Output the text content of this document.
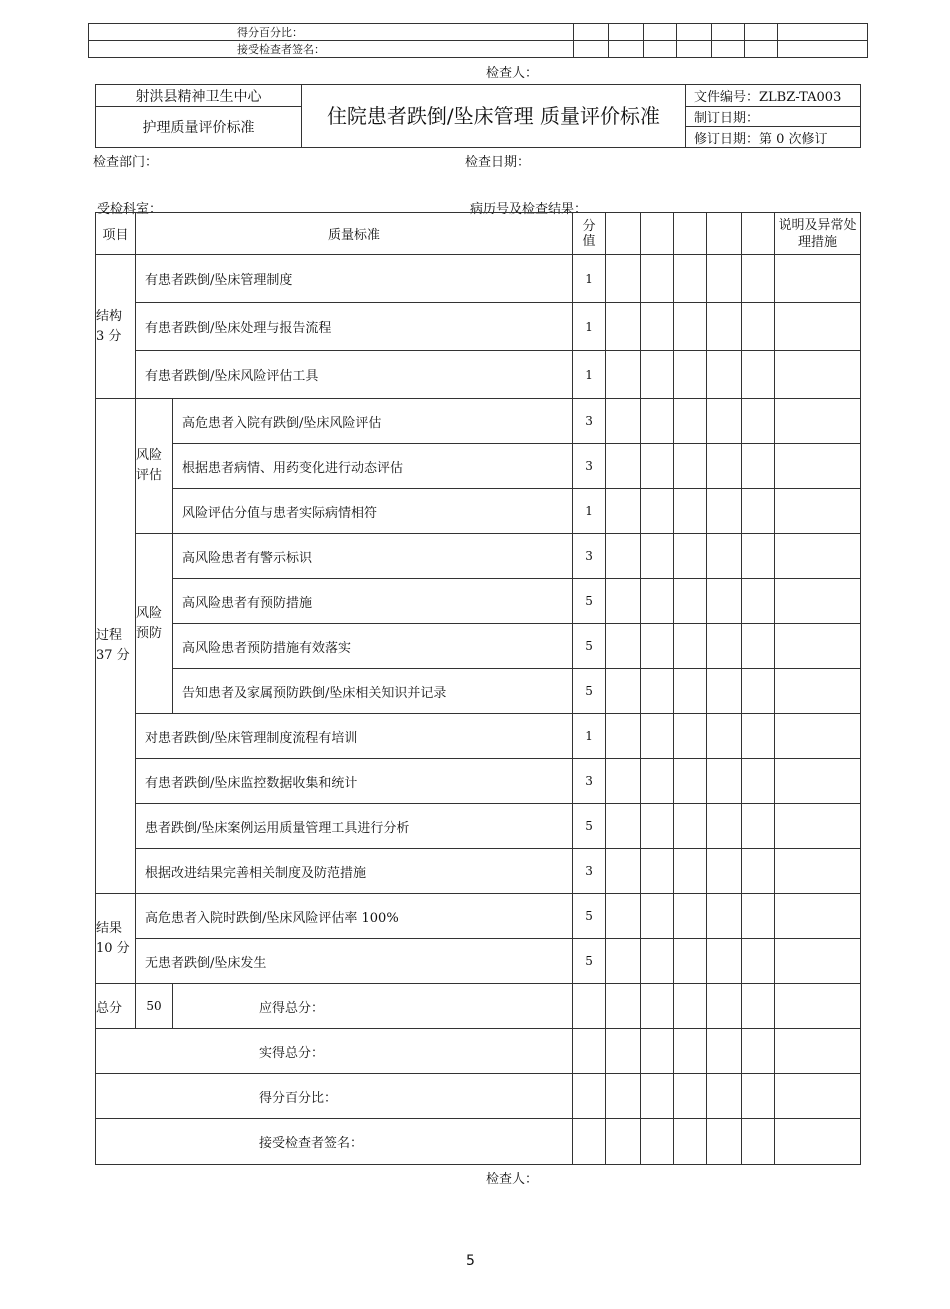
得分百分比：							
接受检查者签名：							
检查人：
射洪县精神卫生中心	住院患者跌倒/坠床管理 质量评价标准	文件编号：ZLBZ-TA003
护理质量评价标准		制订日期：
		修订日期：第 0 次修订
检查部门：	检查日期：
受检科室：	病历号及检查结果：
项目	质量标准		分值						说明及异常处理措施
结构3 分	有患者跌倒/坠床管理制度		1						
	有患者跌倒/坠床处理与报告流程		1						
	有患者跌倒/坠床风险评估工具		1						
过程37 分	风险评估	高危患者入院有跌倒/坠床风险评估	3						
		根据患者病情、用药变化进行动态评估	3						
		风险评估分值与患者实际病情相符	1						
	风险预防	高风险患者有警示标识	3						
		高风险患者有预防措施	5						
		高风险患者预防措施有效落实	5						
		告知患者及家属预防跌倒/坠床相关知识并记录	5						
	对患者跌倒/坠床管理制度流程有培训		1						
	有患者跌倒/坠床监控数据收集和统计		3						
	患者跌倒/坠床案例运用质量管理工具进行分析		5						
	根据改进结果完善相关制度及防范措施		3						
结果10 分	高危患者入院时跌倒/坠床风险评估率 100%		5						
	无患者跌倒/坠床发生		5						
总分	50	应得总分：							
实得总分：									
得分百分比：									
接受检查者签名：									
检查人：
5
